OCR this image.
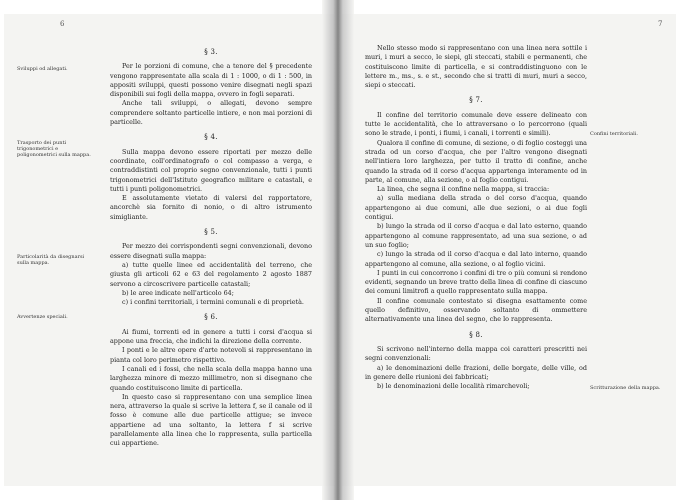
6	7
Sviluppi od allegati.
Trasporto dei punti trigonometrici e poligonometrici sulla mappa.
Particolarità da disegnarsi sulla mappa.
Avvertenze speciali.
§ 3.

Per le porzioni di comune, che a tenore del § precedente vengono rappresentate alla scala di 1 : 1000, o di 1 : 500, in appositi sviluppi, questi possono venire disegnati negli spazi disponibili sui fogli della mappa, ovvero in fogli separati.

Anche tali sviluppi, o allegati, devono sempre comprendere soltanto particelle intiere, e non mai porzioni di particelle.

§ 4.

Sulla mappa devono essere riportati per mezzo delle coordinate, coll'ordinatografo o col compasso a verga, e contraddistinti col proprio segno convenzionale, tutti i punti trigonometrici dell'Istituto geografico militare e catastali, e tutti i punti poligonometrici.

E assolutamente vietato di valersi del rapportatore, ancorchè sia fornito di nonio, o di altro istrumento simigliante.

§ 5.

Per mezzo dei corrispondenti segni convenzionali, devono essere disegnati sulla mappa:

a) tutte quelle linee ed accidentalità del terreno, che giusta gli articoli 62 e 63 del regolamento 2 agosto 1887 servono a circoscrivere particelle catastali;

b) le aree indicate nell'articolo 64;

c) i confini territoriali, i termini comunali e di proprietà.

§ 6.

Ai fiumi, torrenti ed in genere a tutti i corsi d'acqua si appone una freccia, che indichi la direzione della corrente.

I ponti e le altre opere d'arte notevoli si rappresentano in pianta col loro perimetro rispettivo.

I canali ed i fossi, che nella scala della mappa hanno una larghezza minore di mezzo millimetro, non si disegnano che quando costituiscono limite di particella.

In questo caso si rappresentano con una semplice linea nera, attraverso la quale si scrive la lettera f, se il canale od il fosso è comune alle due particelle attigue; se invece appartiene ad una soltanto, la lettera f si scrive parallelamente alla linea che lo rappresenta, sulla particella cui appartiene.

Confini territoriali.
Scritturazione della mappa.

Nello stesso modo si rappresentano con una linea nera sottile i muri, i muri a secco, le siepi, gli steccati, stabili e permanenti, che costituiscono limite di particella, e si contraddistinguono con le lettere m., ms., s. e st., secondo che si tratti di muri, muri a secco, siepi o steccati.

§ 7.

Il confine del territorio comunale deve essere delineato con tutte le accidentalità, che lo attraversano o lo percorrono (quali sono le strade, i ponti, i fiumi, i canali, i torrenti e simili).

Qualora il confine di comune, di sezione, o di foglio costeggi una strada od un corso d'acqua, che per l'altro vengono disegnati nell'intiera loro larghezza, per tutto il tratto di confine, anche quando la strada od il corso d'acqua appartenga interamente od in parte, al comune, alla sezione, o al foglio contigui.

La linea, che segna il confine nella mappa, si traccia:

a) sulla mediana della strada o del corso d'acqua, quando appartengono ai due comuni, alle due sezioni, o ai due fogli contigui.

b) lungo la strada od il corso d'acqua e dal lato esterno, quando appartengono al comune rappresentato, ad una sua sezione, o ad un suo foglio;

c) lungo la strada od il corso d'acqua e dal lato interno, quando appartengono al comune, alla sezione, o al foglio vicini.

I punti in cui concorrono i confini di tre o più comuni si rendono evidenti, segnando un breve tratto della linea di confine di ciascuno dei comuni limitrofi a quello rappresentato sulla mappa.

Il confine comunale contestato si disegna esattamente come quello definitivo, osservando soltanto di ommettere alternativamente una linea del segno, che lo rappresenta.

§ 8.

Si scrivono nell'interno della mappa coi caratteri prescritti nei segni convenzionali:

a) le denominazioni delle frazioni, delle borgate, delle ville, od in genere delle riunioni dei fabbricati;

b) le denominazioni delle località rimarchevoli;
